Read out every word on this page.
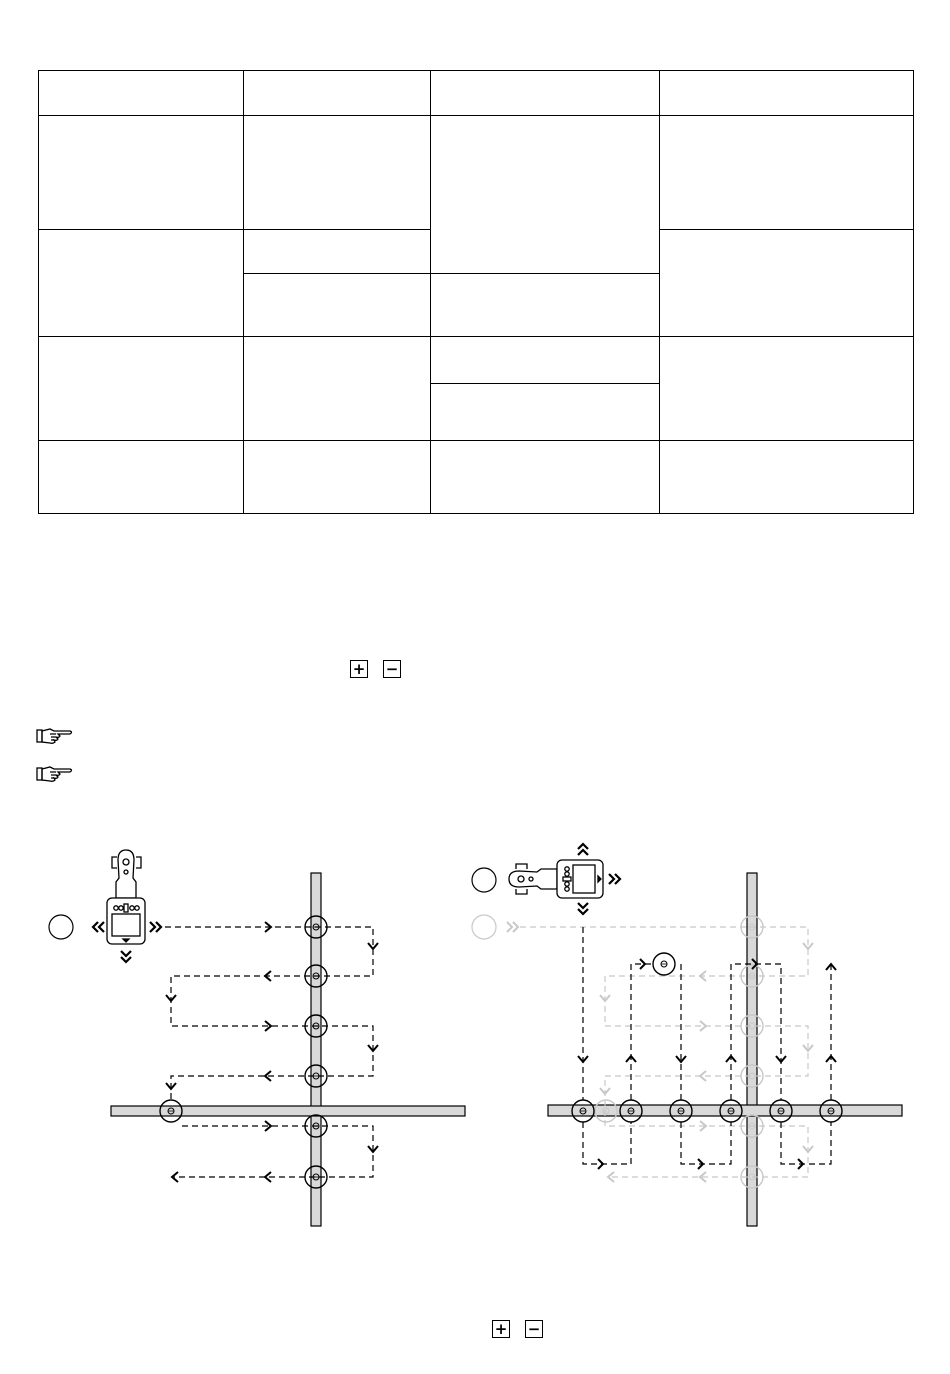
+ −
+ −
